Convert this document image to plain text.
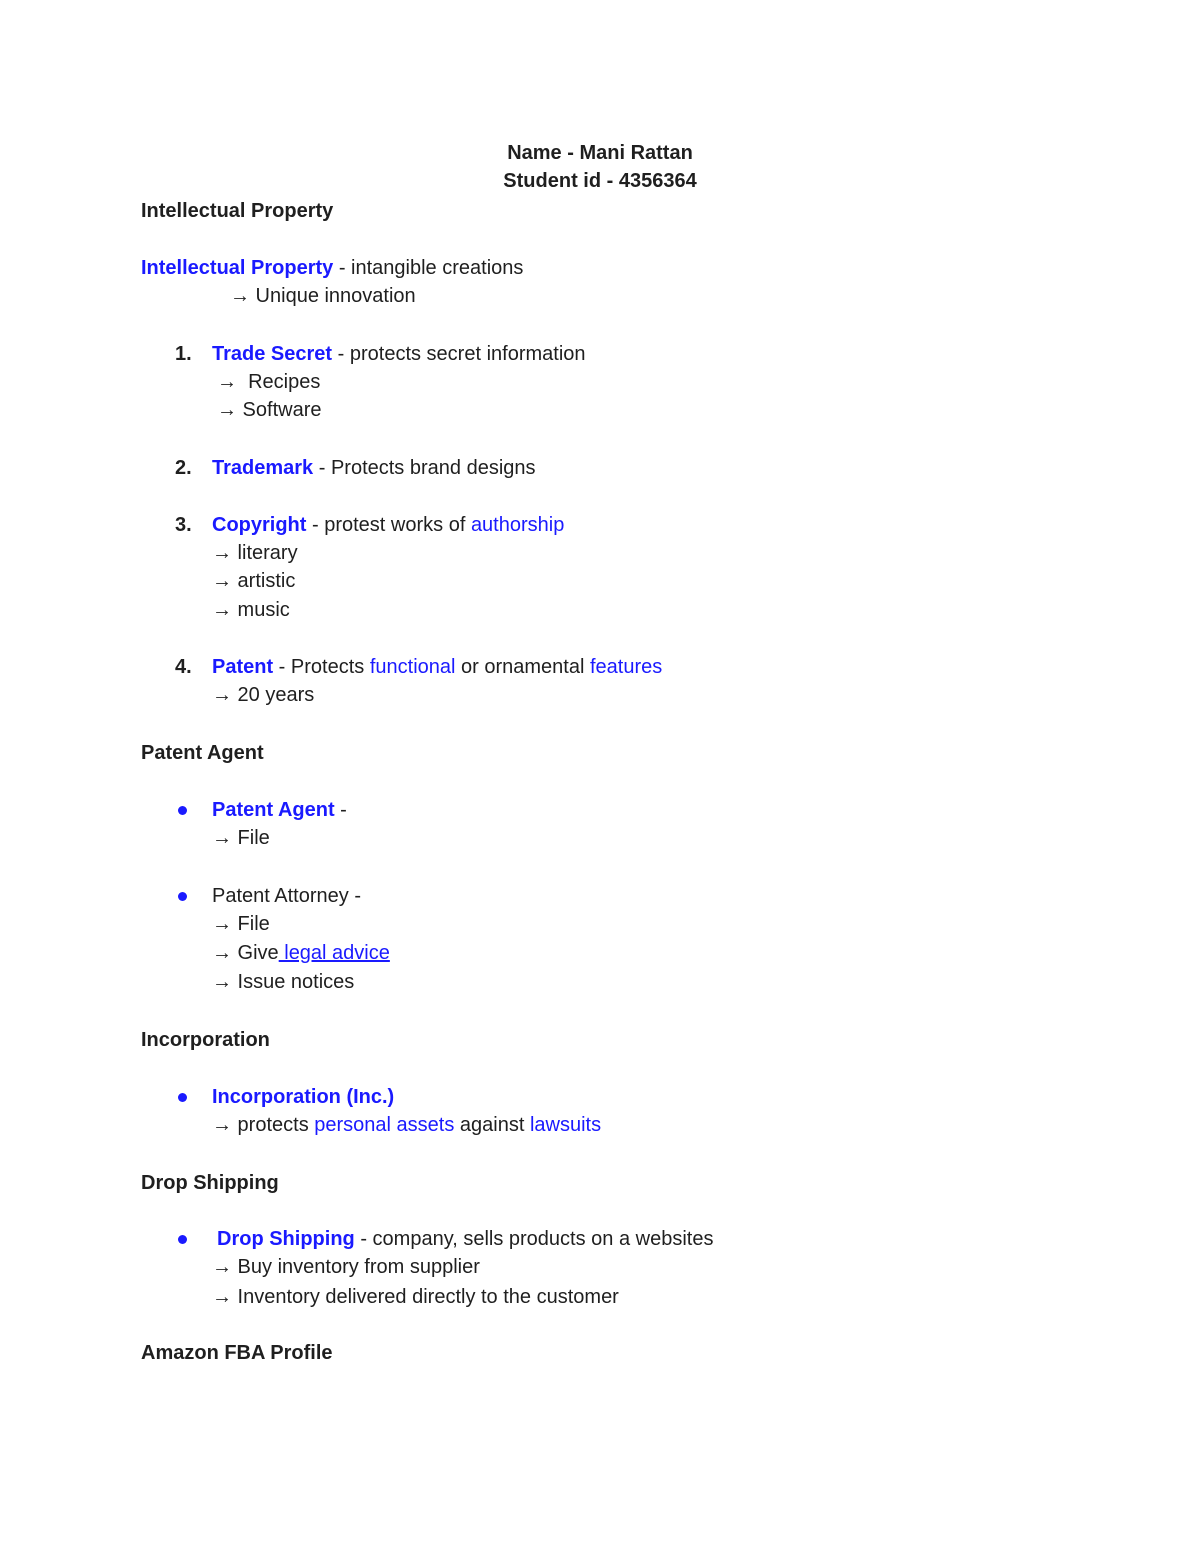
Name - Mani Rattan
Student id - 4356364
Intellectual Property
Intellectual Property - intangible creations
→ Unique innovation
1. Trade Secret - protects secret information
→  Recipes
→ Software
2. Trademark - Protects brand designs
3. Copyright - protest works of authorship
→ literary
→ artistic
→ music
4. Patent - Protects functional or ornamental features
→ 20 years
Patent Agent
Patent Agent -
→ File
Patent Attorney -
→ File
→ Give legal advice
→ Issue notices
Incorporation
Incorporation (Inc.)
→ protects personal assets against lawsuits
Drop Shipping
Drop Shipping - company, sells products on a websites
→ Buy inventory from supplier
→ Inventory delivered directly to the customer
Amazon FBA Profile
